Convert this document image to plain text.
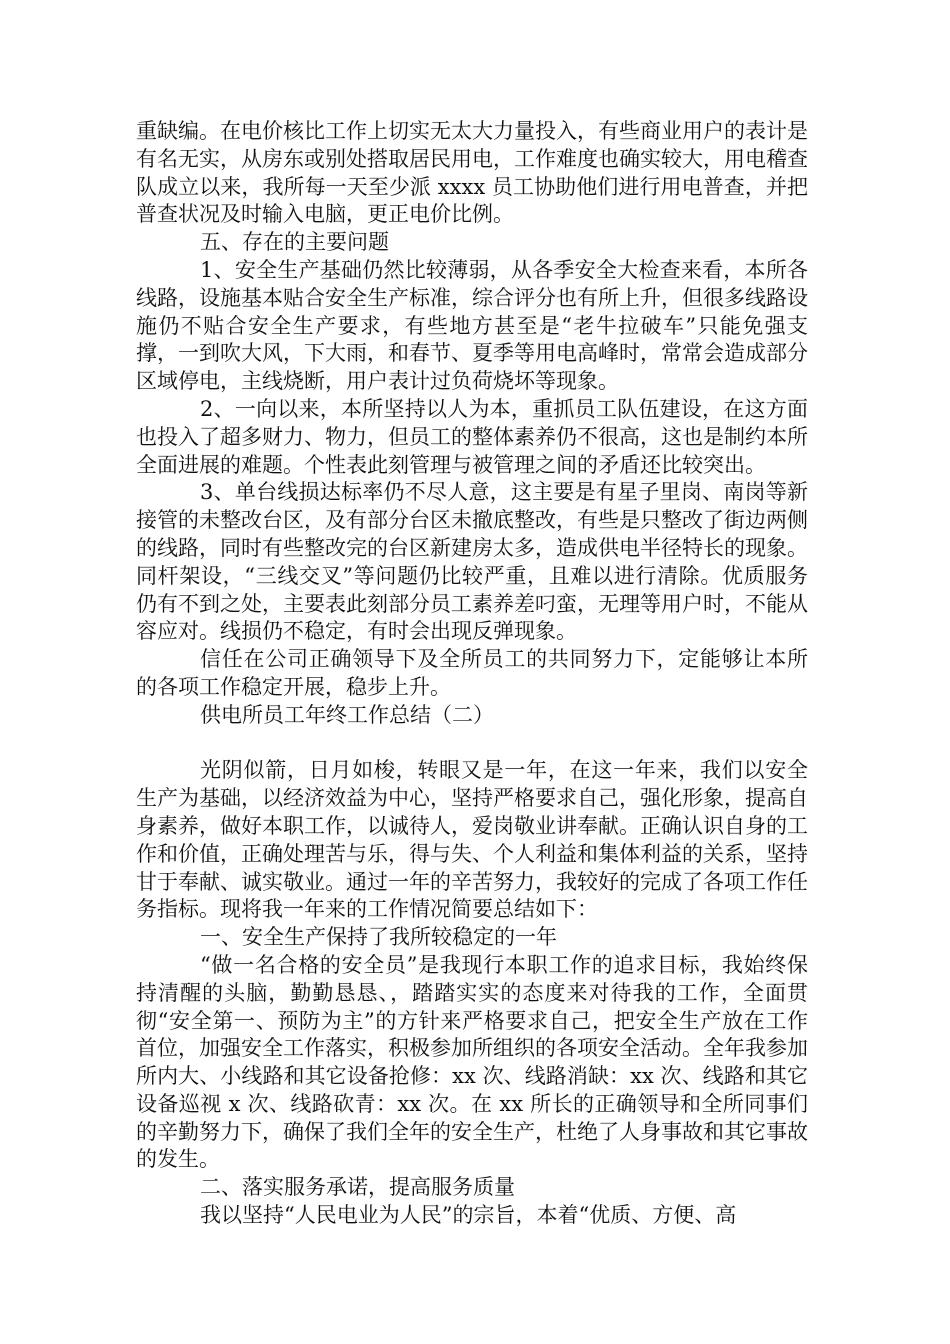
重缺编。在电价核比工作上切实无太大力量投入，有些商业用户的表计是有名无实，从房东或别处搭取居民用电，工作难度也确实较大，用电稽查队成立以来，我所每一天至少派 xxxx 员工协助他们进行用电普查，并把普查状况及时输入电脑，更正电价比例。

五、存在的主要问题

1、安全生产基础仍然比较薄弱，从各季安全大检查来看，本所各线路，设施基本贴合安全生产标准，综合评分也有所上升，但很多线路设施仍不贴合安全生产要求，有些地方甚至是“老牛拉破车”只能免强支撑，一到吹大风，下大雨，和春节、夏季等用电高峰时，常常会造成部分区域停电，主线烧断，用户表计过负荷烧坏等现象。

2、一向以来，本所坚持以人为本，重抓员工队伍建设，在这方面也投入了超多财力、物力，但员工的整体素养仍不很高，这也是制约本所全面进展的难题。个性表此刻管理与被管理之间的矛盾还比较突出。

3、单台线损达标率仍不尽人意，这主要是有星子里岗、南岗等新接管的未整改台区，及有部分台区未撤底整改，有些是只整改了街边两侧的线路，同时有些整改完的台区新建房太多，造成供电半径特长的现象。同杆架设，“三线交叉”等问题仍比较严重，且难以进行清除。优质服务仍有不到之处，主要表此刻部分员工素养差叼蛮，无理等用户时，不能从容应对。线损仍不稳定，有时会出现反弹现象。

信任在公司正确领导下及全所员工的共同努力下，定能够让本所的各项工作稳定开展，稳步上升。

供电所员工年终工作总结（二）

光阴似箭，日月如梭，转眼又是一年，在这一年来，我们以安全生产为基础，以经济效益为中心，坚持严格要求自己，强化形象，提高自身素养，做好本职工作，以诚待人，爱岗敬业讲奉献。正确认识自身的工作和价值，正确处理苦与乐，得与失、个人利益和集体利益的关系，坚持甘于奉献、诚实敬业。通过一年的辛苦努力，我较好的完成了各项工作任务指标。现将我一年来的工作情况简要总结如下：

一、安全生产保持了我所较稳定的一年

“做一名合格的安全员”是我现行本职工作的追求目标，我始终保持清醒的头脑，勤勤恳恳、，踏踏实实的态度来对待我的工作，全面贯彻“安全第一、预防为主”的方针来严格要求自己，把安全生产放在工作首位，加强安全工作落实，积极参加所组织的各项安全活动。全年我参加所内大、小线路和其它设备抢修：xx 次、线路消缺：xx 次、线路和其它设备巡视 x 次、线路砍青：xx 次。在 xx 所长的正确领导和全所同事们的辛勤努力下，确保了我们全年的安全生产，杜绝了人身事故和其它事故的发生。

二、落实服务承诺，提高服务质量

我以坚持“人民电业为人民”的宗旨，本着“优质、方便、高
